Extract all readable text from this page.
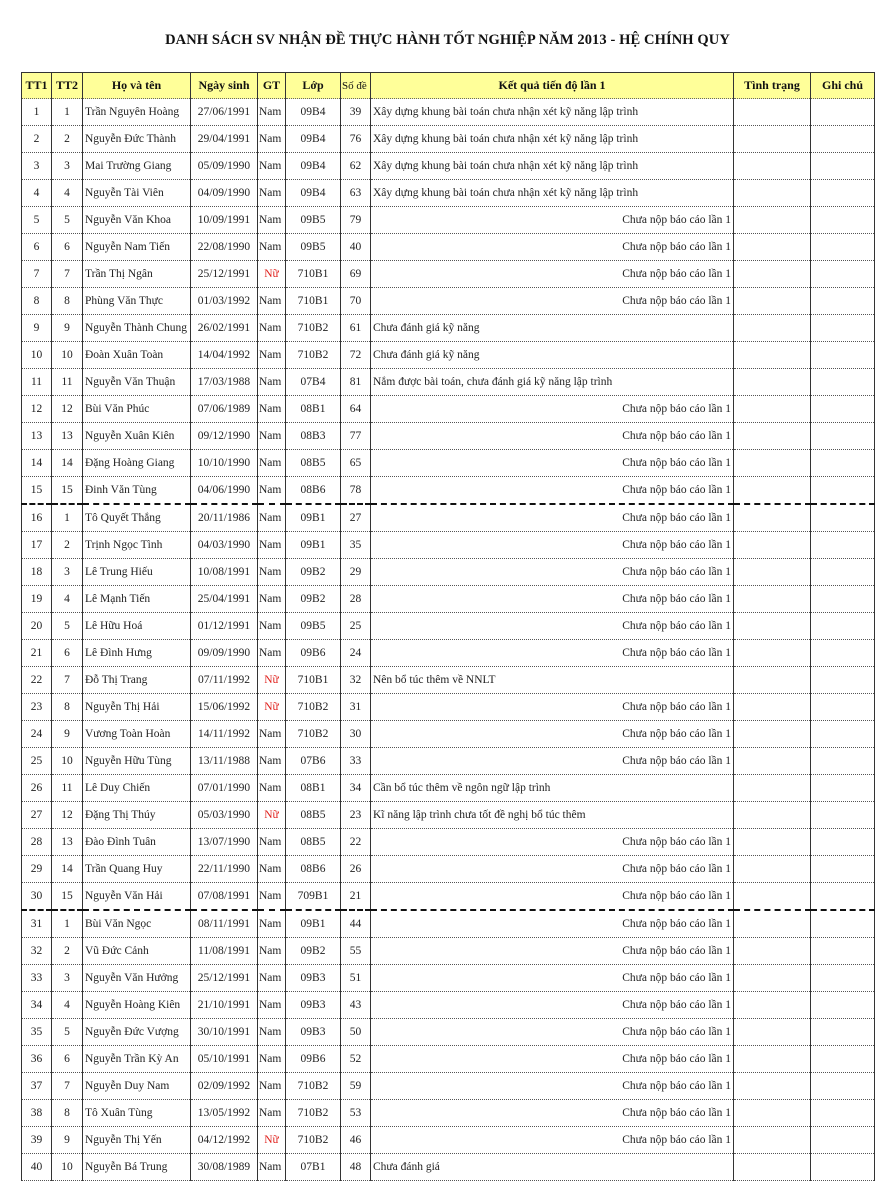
DANH SÁCH SV NHẬN ĐỀ THỰC HÀNH TỐT NGHIỆP NĂM 2013 - HỆ CHÍNH QUY
TT1	TT2	Họ và tên	Ngày sinh	GT	Lớp	Số đề	Kết quả tiến độ lần 1	Tình trạng	Ghi chú
1	1	Trần Nguyên Hoàng	27/06/1991	Nam	09B4	39	Xây dựng khung bài toán chưa nhận xét kỹ năng lập trình		
2	2	Nguyễn Đức Thành	29/04/1991	Nam	09B4	76	Xây dựng khung bài toán chưa nhận xét kỹ năng lập trình		
3	3	Mai Trường Giang	05/09/1990	Nam	09B4	62	Xây dựng khung bài toán chưa nhận xét kỹ năng lập trình		
4	4	Nguyễn Tài Viên	04/09/1990	Nam	09B4	63	Xây dựng khung bài toán chưa nhận xét kỹ năng lập trình		
5	5	Nguyễn Văn Khoa	10/09/1991	Nam	09B5	79	Chưa nộp báo cáo lần 1		
6	6	Nguyễn Nam Tiến	22/08/1990	Nam	09B5	40	Chưa nộp báo cáo lần 1		
7	7	Trần Thị Ngân	25/12/1991	Nữ	710B1	69	Chưa nộp báo cáo lần 1		
8	8	Phùng Văn Thực	01/03/1992	Nam	710B1	70	Chưa nộp báo cáo lần 1		
9	9	Nguyễn Thành Chung	26/02/1991	Nam	710B2	61	Chưa đánh giá kỹ năng		
10	10	Đoàn Xuân Toàn	14/04/1992	Nam	710B2	72	Chưa đánh giá kỹ năng		
11	11	Nguyễn Văn Thuận	17/03/1988	Nam	07B4	81	Nắm được bài toán, chưa đánh giá kỹ năng lập trình		
12	12	Bùi Văn Phúc	07/06/1989	Nam	08B1	64	Chưa nộp báo cáo lần 1		
13	13	Nguyễn Xuân Kiên	09/12/1990	Nam	08B3	77	Chưa nộp báo cáo lần 1		
14	14	Đặng Hoàng Giang	10/10/1990	Nam	08B5	65	Chưa nộp báo cáo lần 1		
15	15	Đinh Văn Tùng	04/06/1990	Nam	08B6	78	Chưa nộp báo cáo lần 1		
16	1	Tô Quyết Thắng	20/11/1986	Nam	09B1	27	Chưa nộp báo cáo lần 1		
17	2	Trịnh Ngọc Tình	04/03/1990	Nam	09B1	35	Chưa nộp báo cáo lần 1		
18	3	Lê Trung Hiếu	10/08/1991	Nam	09B2	29	Chưa nộp báo cáo lần 1		
19	4	Lê Mạnh Tiến	25/04/1991	Nam	09B2	28	Chưa nộp báo cáo lần 1		
20	5	Lê Hữu Hoá	01/12/1991	Nam	09B5	25	Chưa nộp báo cáo lần 1		
21	6	Lê Đình Hưng	09/09/1990	Nam	09B6	24	Chưa nộp báo cáo lần 1		
22	7	Đỗ Thị Trang	07/11/1992	Nữ	710B1	32	Nên bổ túc thêm về NNLT		
23	8	Nguyễn Thị Hải	15/06/1992	Nữ	710B2	31	Chưa nộp báo cáo lần 1		
24	9	Vương Toàn Hoàn	14/11/1992	Nam	710B2	30	Chưa nộp báo cáo lần 1		
25	10	Nguyễn Hữu Tùng	13/11/1988	Nam	07B6	33	Chưa nộp báo cáo lần 1		
26	11	Lê Duy Chiến	07/01/1990	Nam	08B1	34	Cần bổ túc thêm về ngôn ngữ lập trình		
27	12	Đặng Thị Thúy	05/03/1990	Nữ	08B5	23	Kĩ năng lập trình chưa tốt đề nghị bổ túc thêm		
28	13	Đào Đình Tuân	13/07/1990	Nam	08B5	22	Chưa nộp báo cáo lần 1		
29	14	Trần Quang Huy	22/11/1990	Nam	08B6	26	Chưa nộp báo cáo lần 1		
30	15	Nguyễn Văn Hải	07/08/1991	Nam	709B1	21	Chưa nộp báo cáo lần 1		
31	1	Bùi Văn Ngọc	08/11/1991	Nam	09B1	44	Chưa nộp báo cáo lần 1		
32	2	Vũ Đức Cảnh	11/08/1991	Nam	09B2	55	Chưa nộp báo cáo lần 1		
33	3	Nguyễn Văn Hưởng	25/12/1991	Nam	09B3	51	Chưa nộp báo cáo lần 1		
34	4	Nguyễn Hoàng Kiên	21/10/1991	Nam	09B3	43	Chưa nộp báo cáo lần 1		
35	5	Nguyễn Đức Vượng	30/10/1991	Nam	09B3	50	Chưa nộp báo cáo lần 1		
36	6	Nguyễn Trần Kỳ An	05/10/1991	Nam	09B6	52	Chưa nộp báo cáo lần 1		
37	7	Nguyễn Duy Nam	02/09/1992	Nam	710B2	59	Chưa nộp báo cáo lần 1		
38	8	Tô Xuân Tùng	13/05/1992	Nam	710B2	53	Chưa nộp báo cáo lần 1		
39	9	Nguyễn Thị Yến	04/12/1992	Nữ	710B2	46	Chưa nộp báo cáo lần 1		
40	10	Nguyễn Bá Trung	30/08/1989	Nam	07B1	48	Chưa đánh giá		
